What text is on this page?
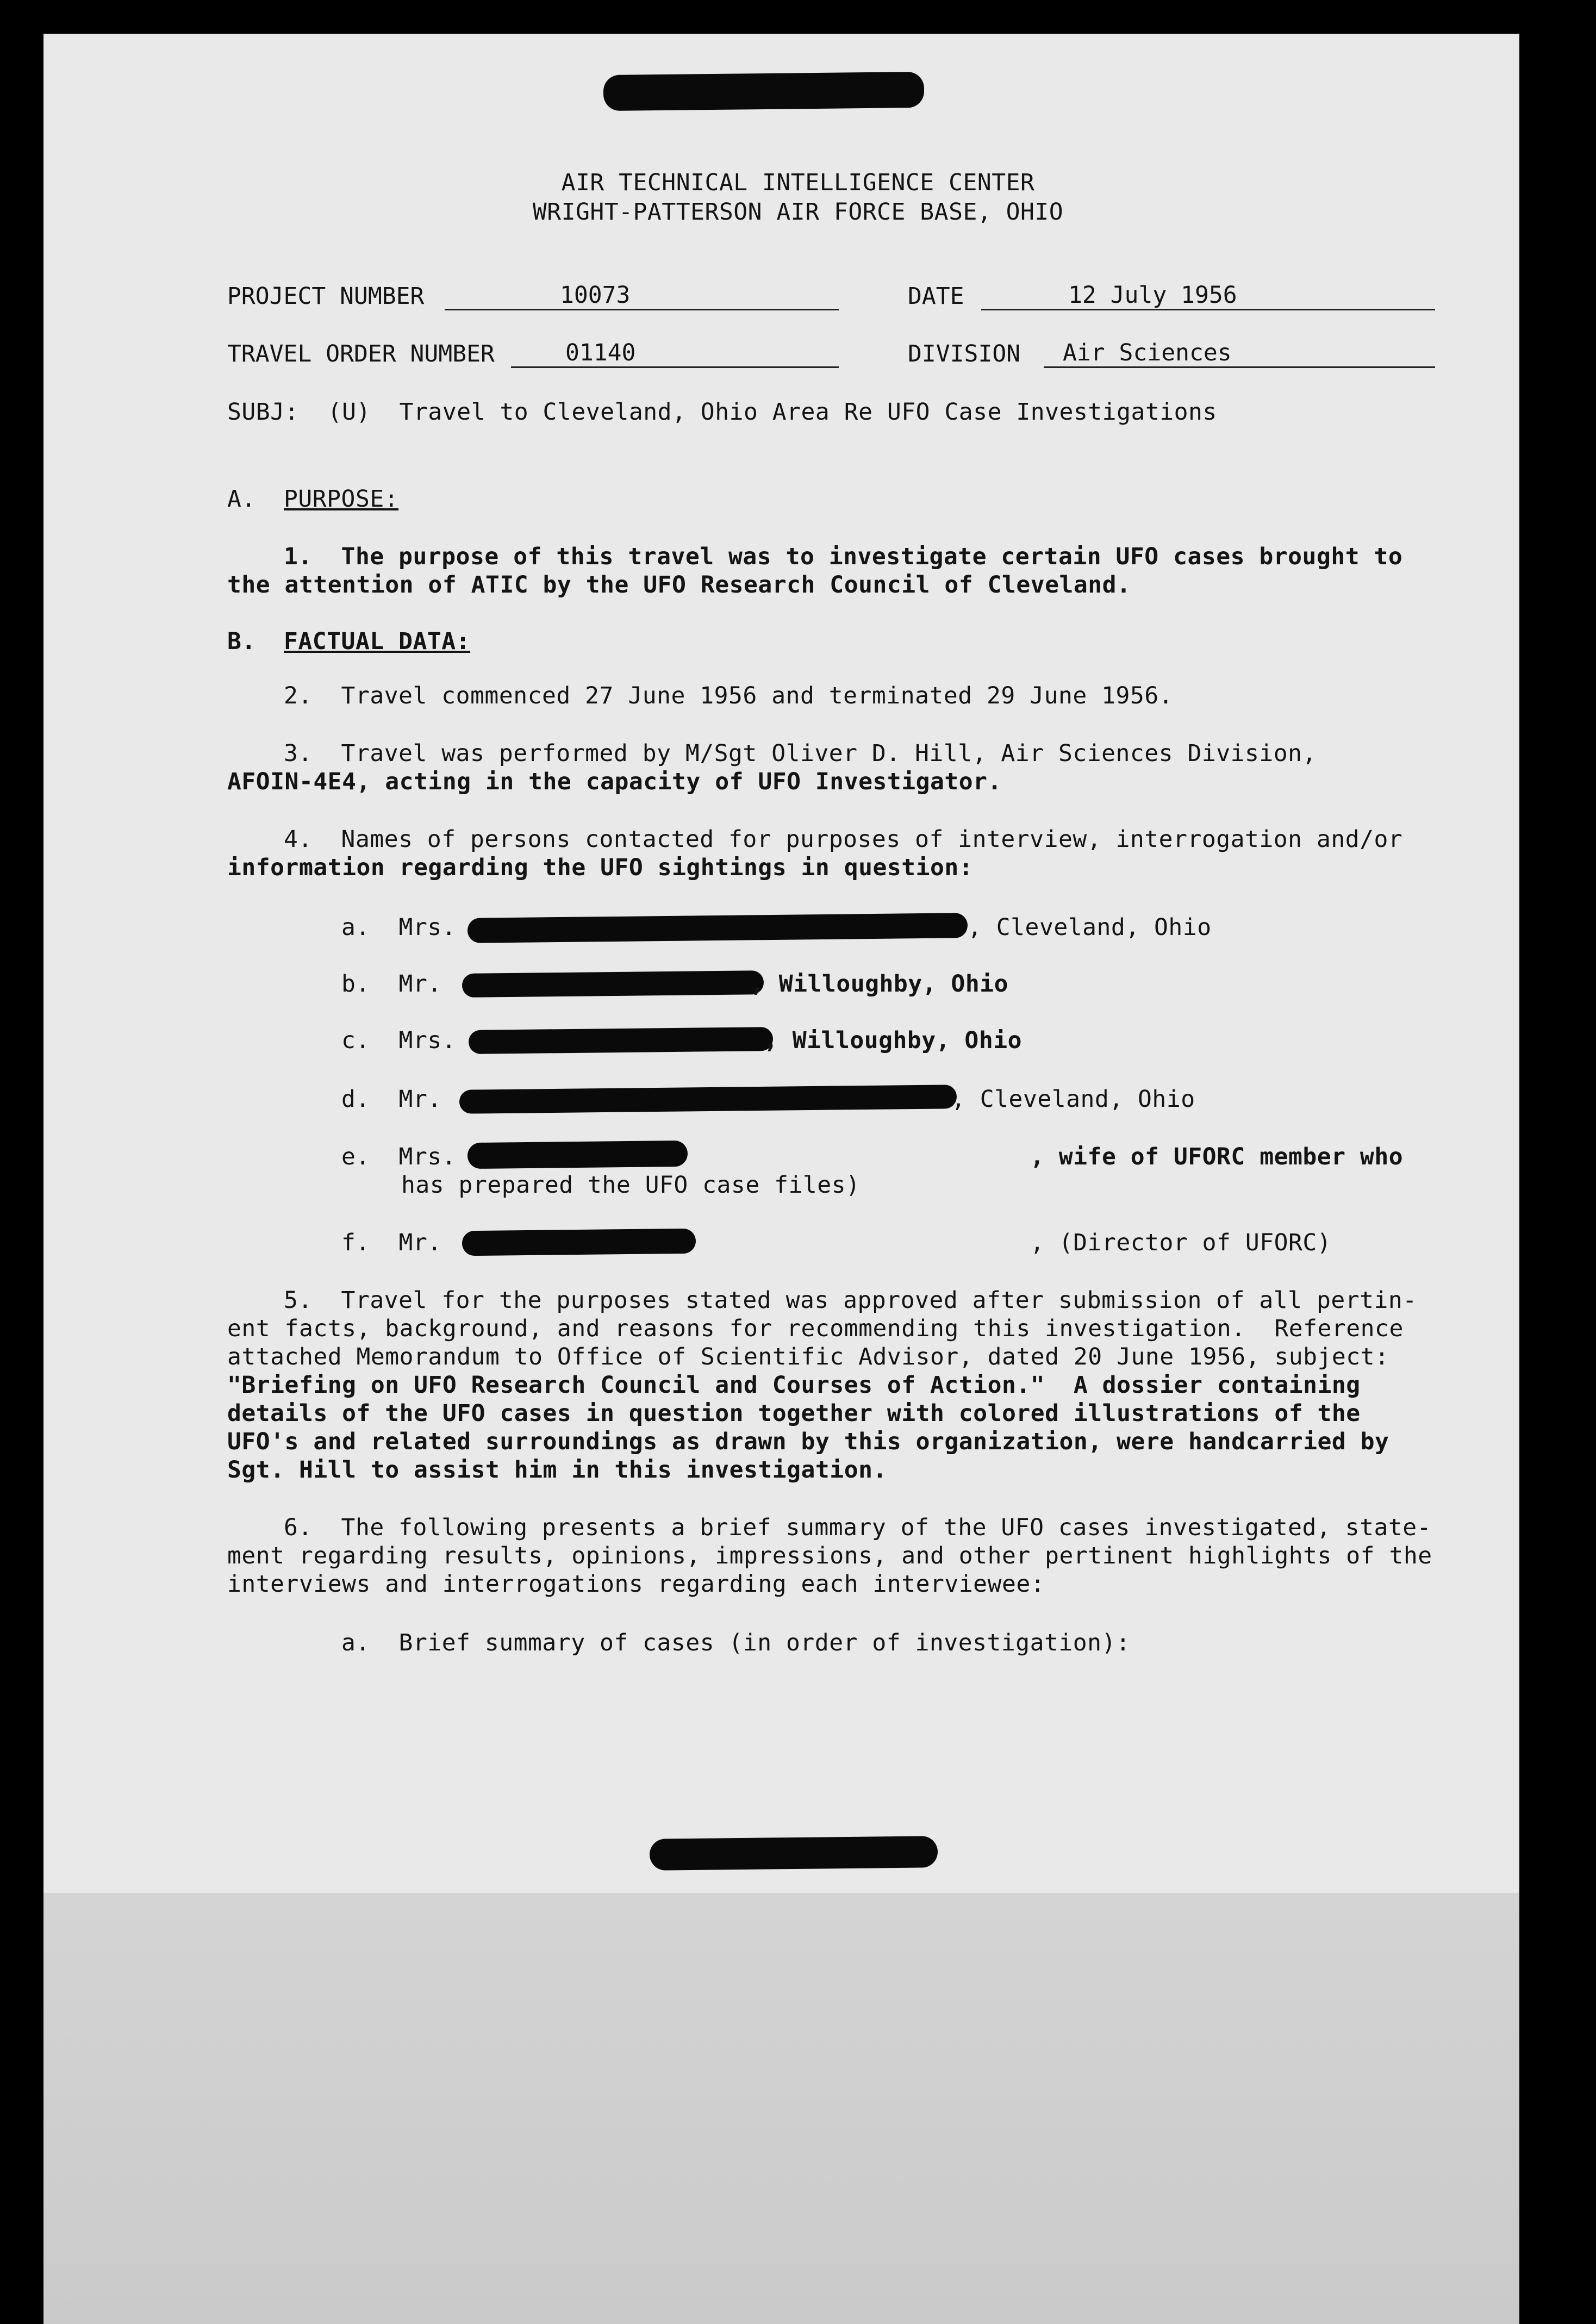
AIR TECHNICAL INTELLIGENCE CENTER
WRIGHT-PATTERSON AIR FORCE BASE, OHIO
PROJECT NUMBER	10073	DATE	12 July 1956
TRAVEL ORDER NUMBER	01140	DIVISION Air Sciences
SUBJ:  (U)  Travel to Cleveland, Ohio Area Re UFO Case Investigations
A. PURPOSE:
1.  The purpose of this travel was to investigate certain UFO cases brought to
the attention of ATIC by the UFO Research Council of Cleveland.
B. FACTUAL DATA:
2.  Travel commenced 27 June 1956 and terminated 29 June 1956.
3.  Travel was performed by M/Sgt Oliver D. Hill, Air Sciences Division,
AFOIN-4E4, acting in the capacity of UFO Investigator.
4.  Names of persons contacted for purposes of interview, interrogation and/or
information regarding the UFO sightings in question:
a.  Mrs.	, Cleveland, Ohio
b.  Mr.	, Willoughby, Ohio
c.  Mrs.	, Willoughby, Ohio
d.  Mr.	, Cleveland, Ohio
e.  Mrs.	, wife of UFORC member who
has prepared the UFO case files)
f.  Mr.	, (Director of UFORC)
5.  Travel for the purposes stated was approved after submission of all pertin-
ent facts, background, and reasons for recommending this investigation.  Reference
attached Memorandum to Office of Scientific Advisor, dated 20 June 1956, subject:
"Briefing on UFO Research Council and Courses of Action."  A dossier containing
details of the UFO cases in question together with colored illustrations of the
UFO's and related surroundings as drawn by this organization, were handcarried by
Sgt. Hill to assist him in this investigation.
6.  The following presents a brief summary of the UFO cases investigated, state-
ment regarding results, opinions, impressions, and other pertinent highlights of the
interviews and interrogations regarding each interviewee:
a.  Brief summary of cases (in order of investigation):
